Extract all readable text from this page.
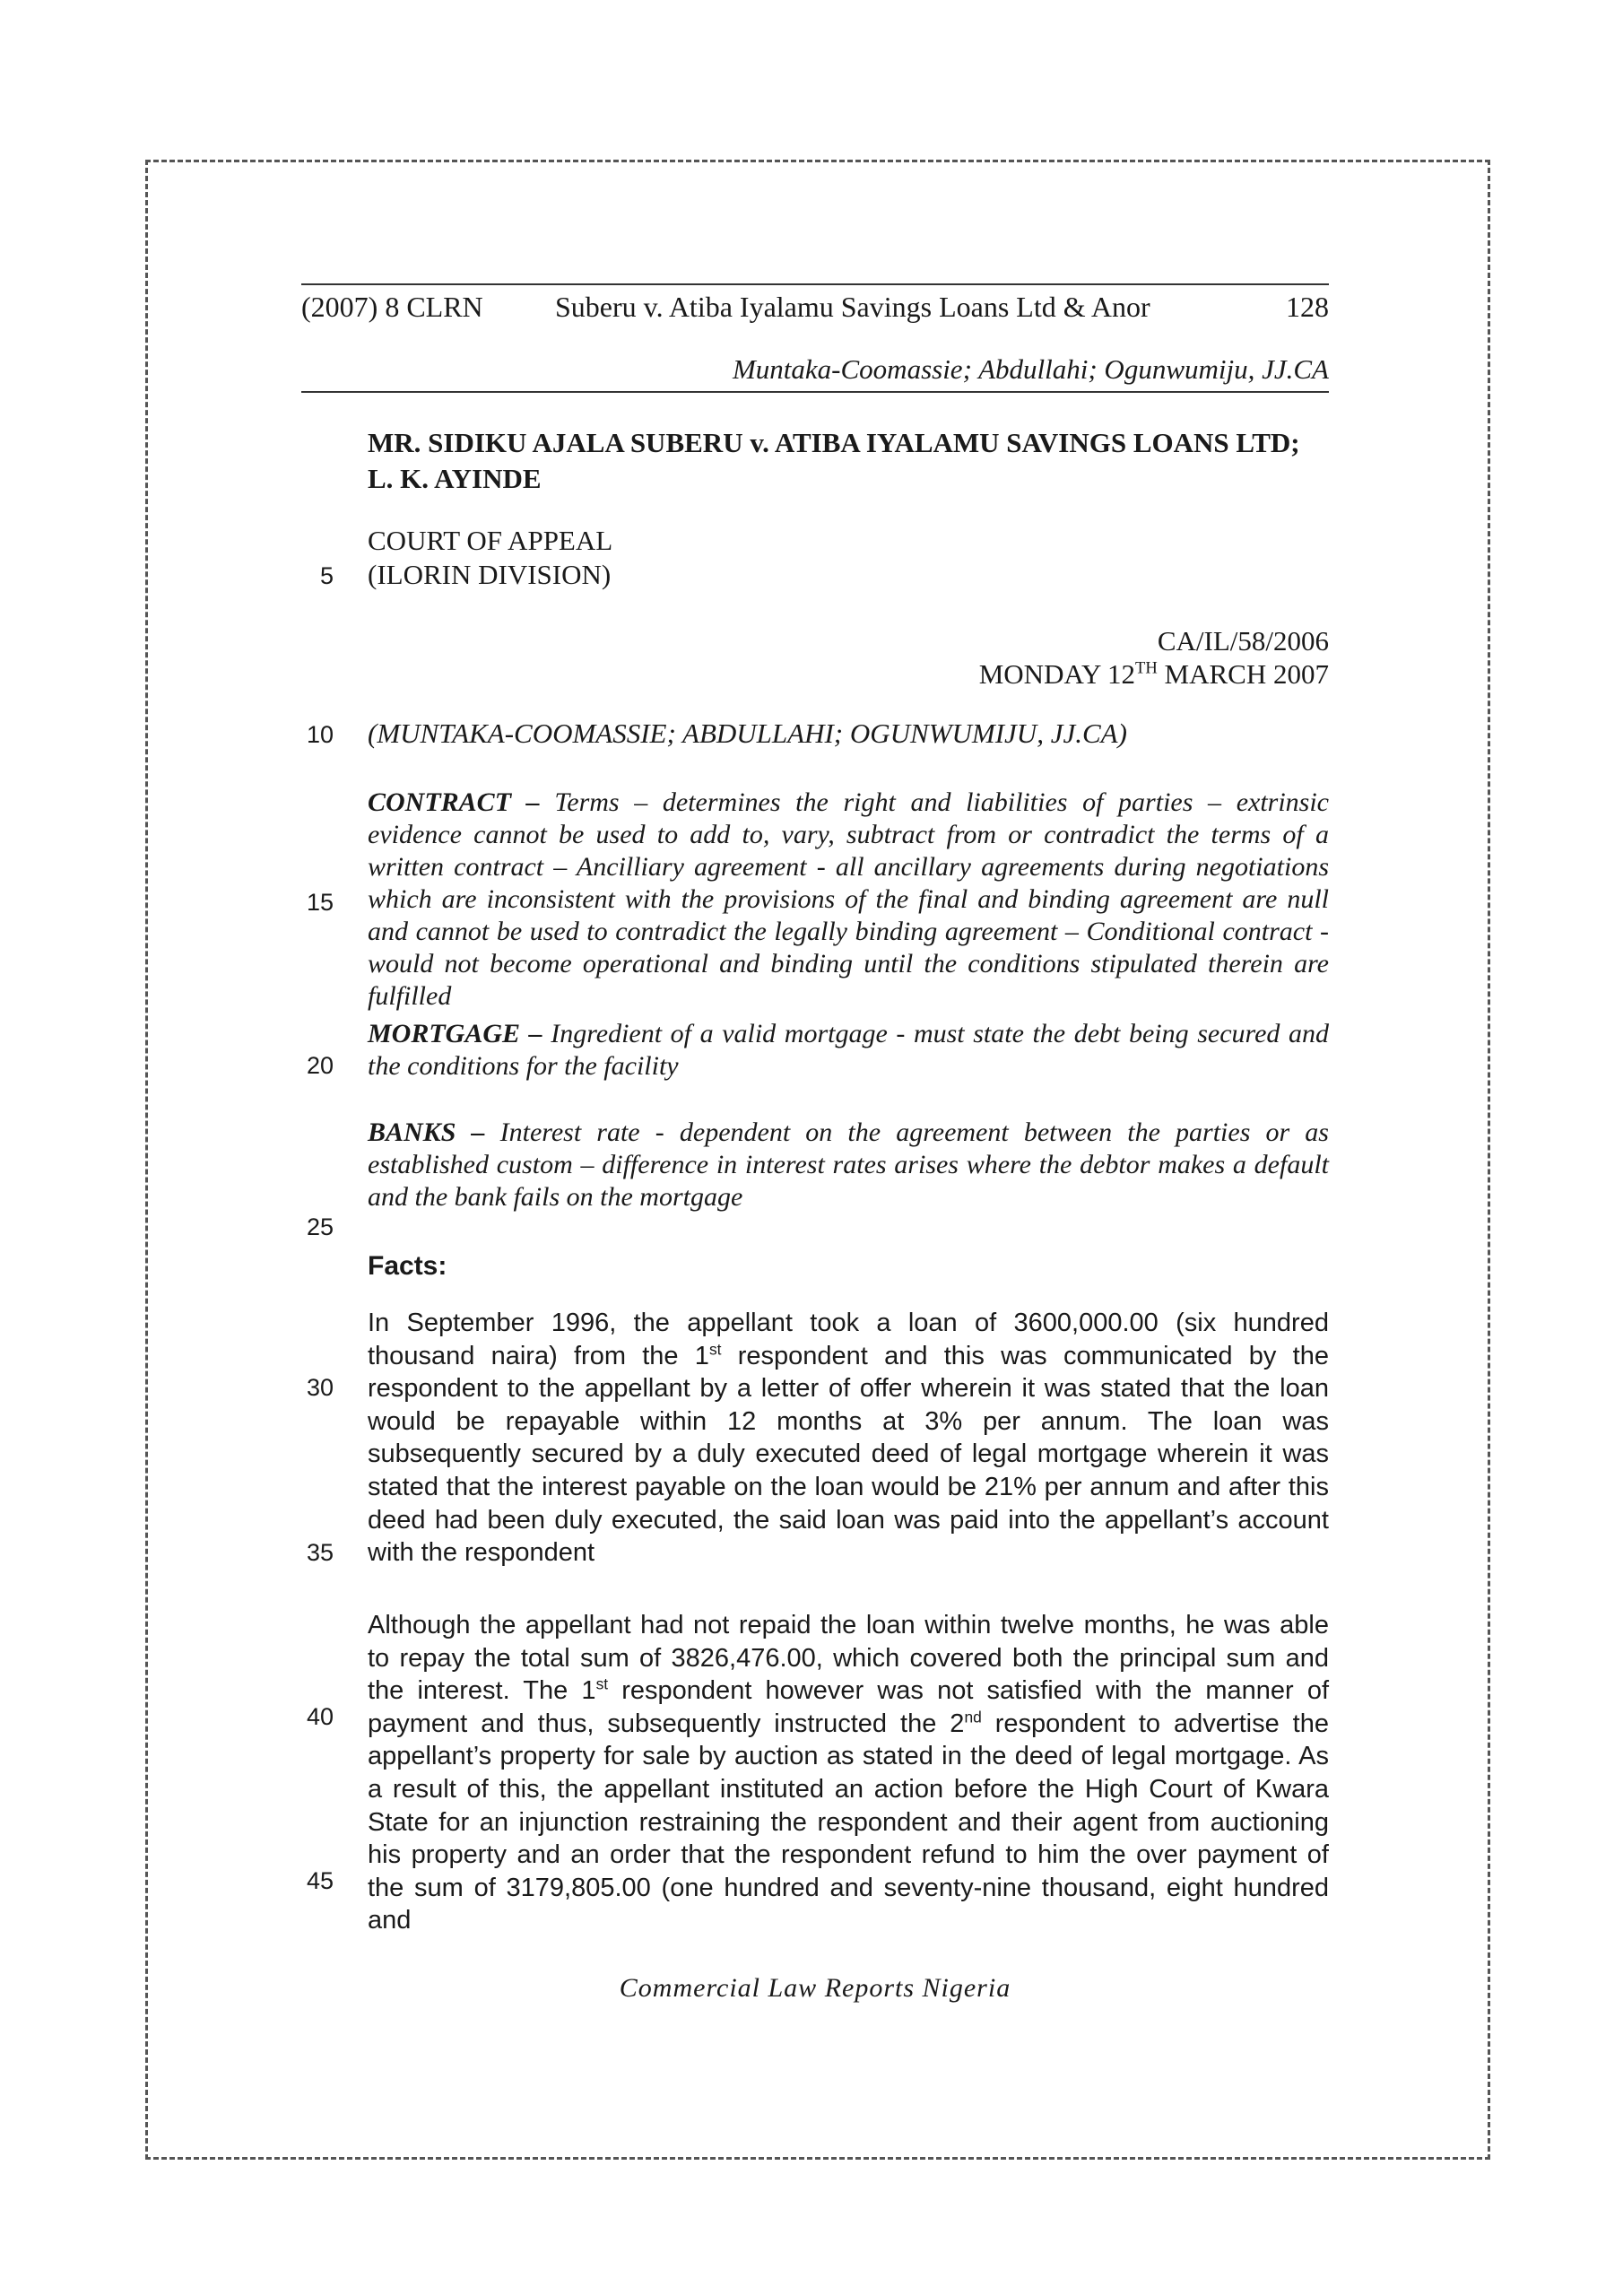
(2007) 8 CLRN	Suberu v. Atiba Iyalamu Savings Loans Ltd & Anor	128
Muntaka-Coomassie; Abdullahi; Ogunwumiju, JJ.CA
MR. SIDIKU AJALA SUBERU v. ATIBA IYALAMU SAVINGS LOANS LTD;
L. K. AYINDE
COURT OF APPEAL
(ILORIN DIVISION)
CA/IL/58/2006
MONDAY 12TH MARCH 2007
(MUNTAKA-COOMASSIE; ABDULLAHI; OGUNWUMIJU, JJ.CA)
CONTRACT – Terms – determines the right and liabilities of parties – extrinsic evidence cannot be used to add to, vary, subtract from or contradict the terms of a written contract – Ancilliary agreement - all ancillary agreements during negotiations which are inconsistent with the provisions of the final and binding agreement are null and cannot be used to contradict the legally binding agreement – Conditional contract - would not become operational and binding until the conditions stipulated therein are fulfilled
MORTGAGE – Ingredient of a valid mortgage - must state the debt being secured and the conditions for the facility
BANKS – Interest rate - dependent on the agreement between the parties or as established custom – difference in interest rates arises where the debtor makes a default and the bank fails on the mortgage
Facts:
In September 1996, the appellant took a loan of 3600,000.00 (six hundred thousand naira) from the 1st respondent and this was communicated by the respondent to the appellant by a letter of offer wherein it was stated that the loan would be repayable within 12 months at 3% per annum. The loan was subsequently secured by a duly executed deed of legal mortgage wherein it was stated that the interest payable on the loan would be 21% per annum and after this deed had been duly executed, the said loan was paid into the appellant’s account with the respondent
Although the appellant had not repaid the loan within twelve months, he was able to repay the total sum of 3826,476.00, which covered both the principal sum and the interest. The 1st respondent however was not satisfied with the manner of payment and thus, subsequently instructed the 2nd respondent to advertise the appellant’s property for sale by auction as stated in the deed of legal mortgage. As a result of this, the appellant instituted an action before the High Court of Kwara State for an injunction restraining the respondent and their agent from auctioning his property and an order that the respondent refund to him the over payment of the sum of 3179,805.00 (one hundred and seventy-nine thousand, eight hundred and
5
10
15
20
25
30
35
40
45
Commercial Law Reports Nigeria
